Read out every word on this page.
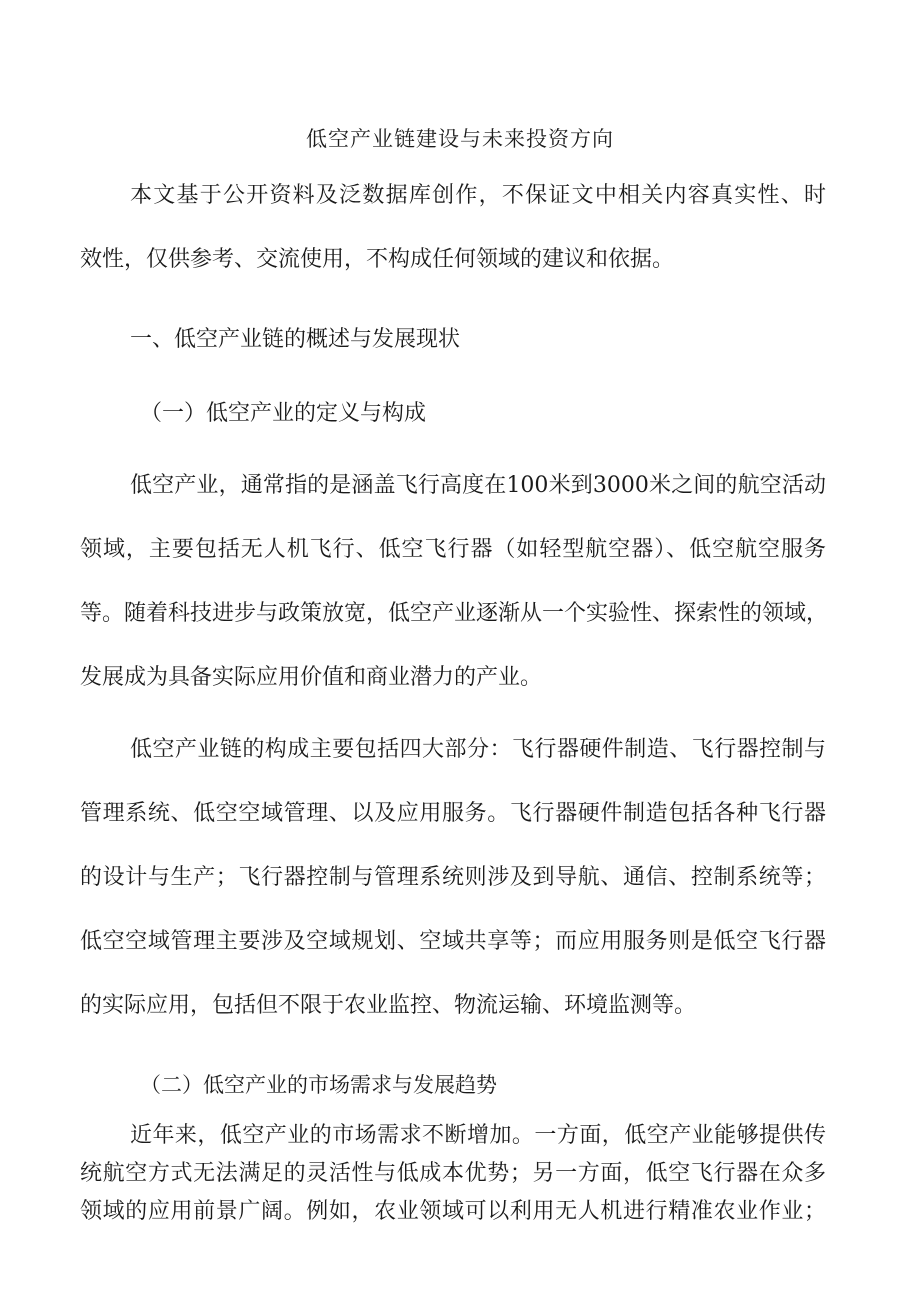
低空产业链建设与未来投资方向
本文基于公开资料及泛数据库创作，不保证文中相关内容真实性、时
效性，仅供参考、交流使用，不构成任何领域的建议和依据。
一、低空产业链的概述与发展现状
（一）低空产业的定义与构成
低空产业，通常指的是涵盖飞行高度在100米到3000米之间的航空活动
领域，主要包括无人机飞行、低空飞行器（如轻型航空器）、低空航空服务
等。随着科技进步与政策放宽，低空产业逐渐从一个实验性、探索性的领域，
发展成为具备实际应用价值和商业潜力的产业。
低空产业链的构成主要包括四大部分：飞行器硬件制造、飞行器控制与
管理系统、低空空域管理、以及应用服务。飞行器硬件制造包括各种飞行器
的设计与生产；飞行器控制与管理系统则涉及到导航、通信、控制系统等；
低空空域管理主要涉及空域规划、空域共享等；而应用服务则是低空飞行器
的实际应用，包括但不限于农业监控、物流运输、环境监测等。
（二）低空产业的市场需求与发展趋势
近年来，低空产业的市场需求不断增加。一方面，低空产业能够提供传
统航空方式无法满足的灵活性与低成本优势；另一方面，低空飞行器在众多
领域的应用前景广阔。例如，农业领域可以利用无人机进行精准农业作业；
